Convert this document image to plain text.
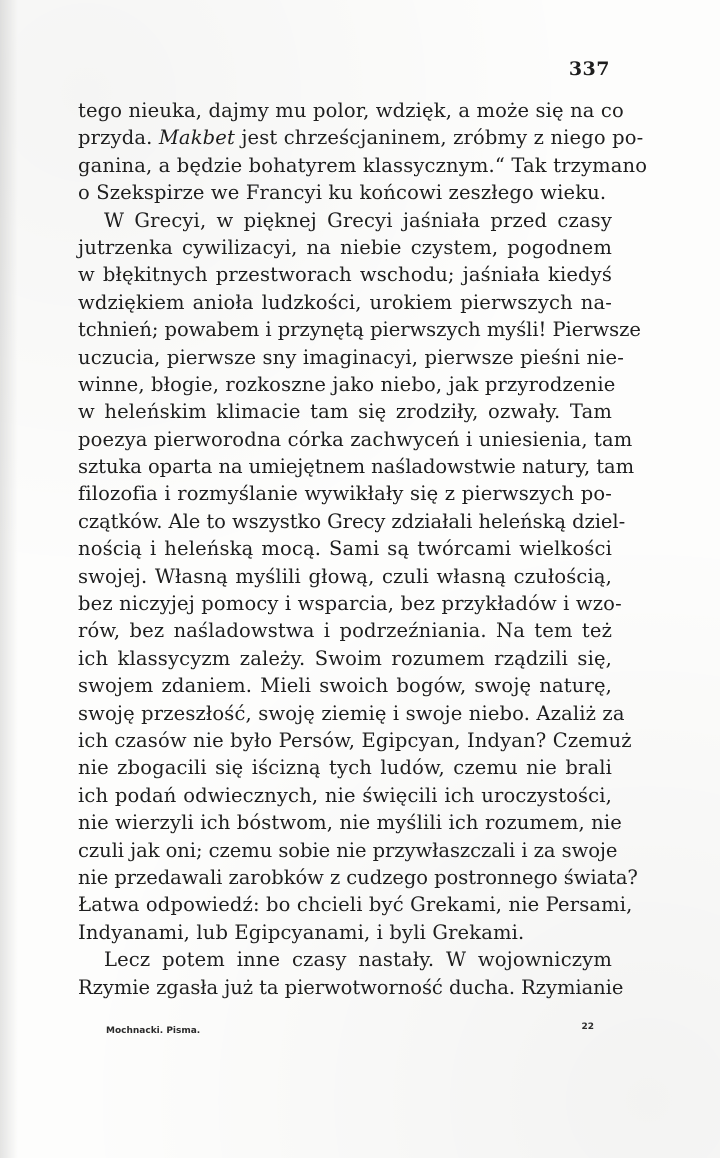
337
tego nieuka, dajmy mu polor, wdzięk, a może się na co
przyda. Makbet jest chrześcjaninem, zróbmy z niego po-
ganina, a będzie bohatyrem klassycznym.“ Tak trzymano
o Szekspirze we Francyi ku końcowi zeszłego wieku.
W Grecyi, w pięknej Grecyi jaśniała przed czasy
jutrzenka cywilizacyi, na niebie czystem, pogodnem
w błękitnych przestworach wschodu; jaśniała kiedyś
wdziękiem anioła ludzkości, urokiem pierwszych na-
tchnień; powabem i przynętą pierwszych myśli! Pierwsze
uczucia, pierwsze sny imaginacyi, pierwsze pieśni nie-
winne, błogie, rozkoszne jako niebo, jak przyrodzenie
w heleńskim klimacie tam się zrodziły, ozwały. Tam
poezya pierworodna córka zachwyceń i uniesienia, tam
sztuka oparta na umiejętnem naśladowstwie natury, tam
filozofia i rozmyślanie wywikłały się z pierwszych po-
czątków. Ale to wszystko Grecy zdziałali heleńską dziel-
nością i heleńską mocą. Sami są twórcami wielkości
swojej. Własną myślili głową, czuli własną czułością,
bez niczyjej pomocy i wsparcia, bez przykładów i wzo-
rów, bez naśladowstwa i podrzeźniania. Na tem też
ich klassycyzm zależy. Swoim rozumem rządzili się,
swojem zdaniem. Mieli swoich bogów, swoję naturę,
swoję przeszłość, swoję ziemię i swoje niebo. Azaliż za
ich czasów nie było Persów, Egipcyan, Indyan? Czemuż
nie zbogacili się iścizną tych ludów, czemu nie brali
ich podań odwiecznych, nie święcili ich uroczystości,
nie wierzyli ich bóstwom, nie myślili ich rozumem, nie
czuli jak oni; czemu sobie nie przywłaszczali i za swoje
nie przedawali zarobków z cudzego postronnego świata?
Łatwa odpowiedź: bo chcieli być Grekami, nie Persami,
Indyanami, lub Egipcyanami, i byli Grekami.
Lecz potem inne czasy nastały. W wojowniczym
Rzymie zgasła już ta pierwotworność ducha. Rzymianie
Mochnacki. Pisma.	22
